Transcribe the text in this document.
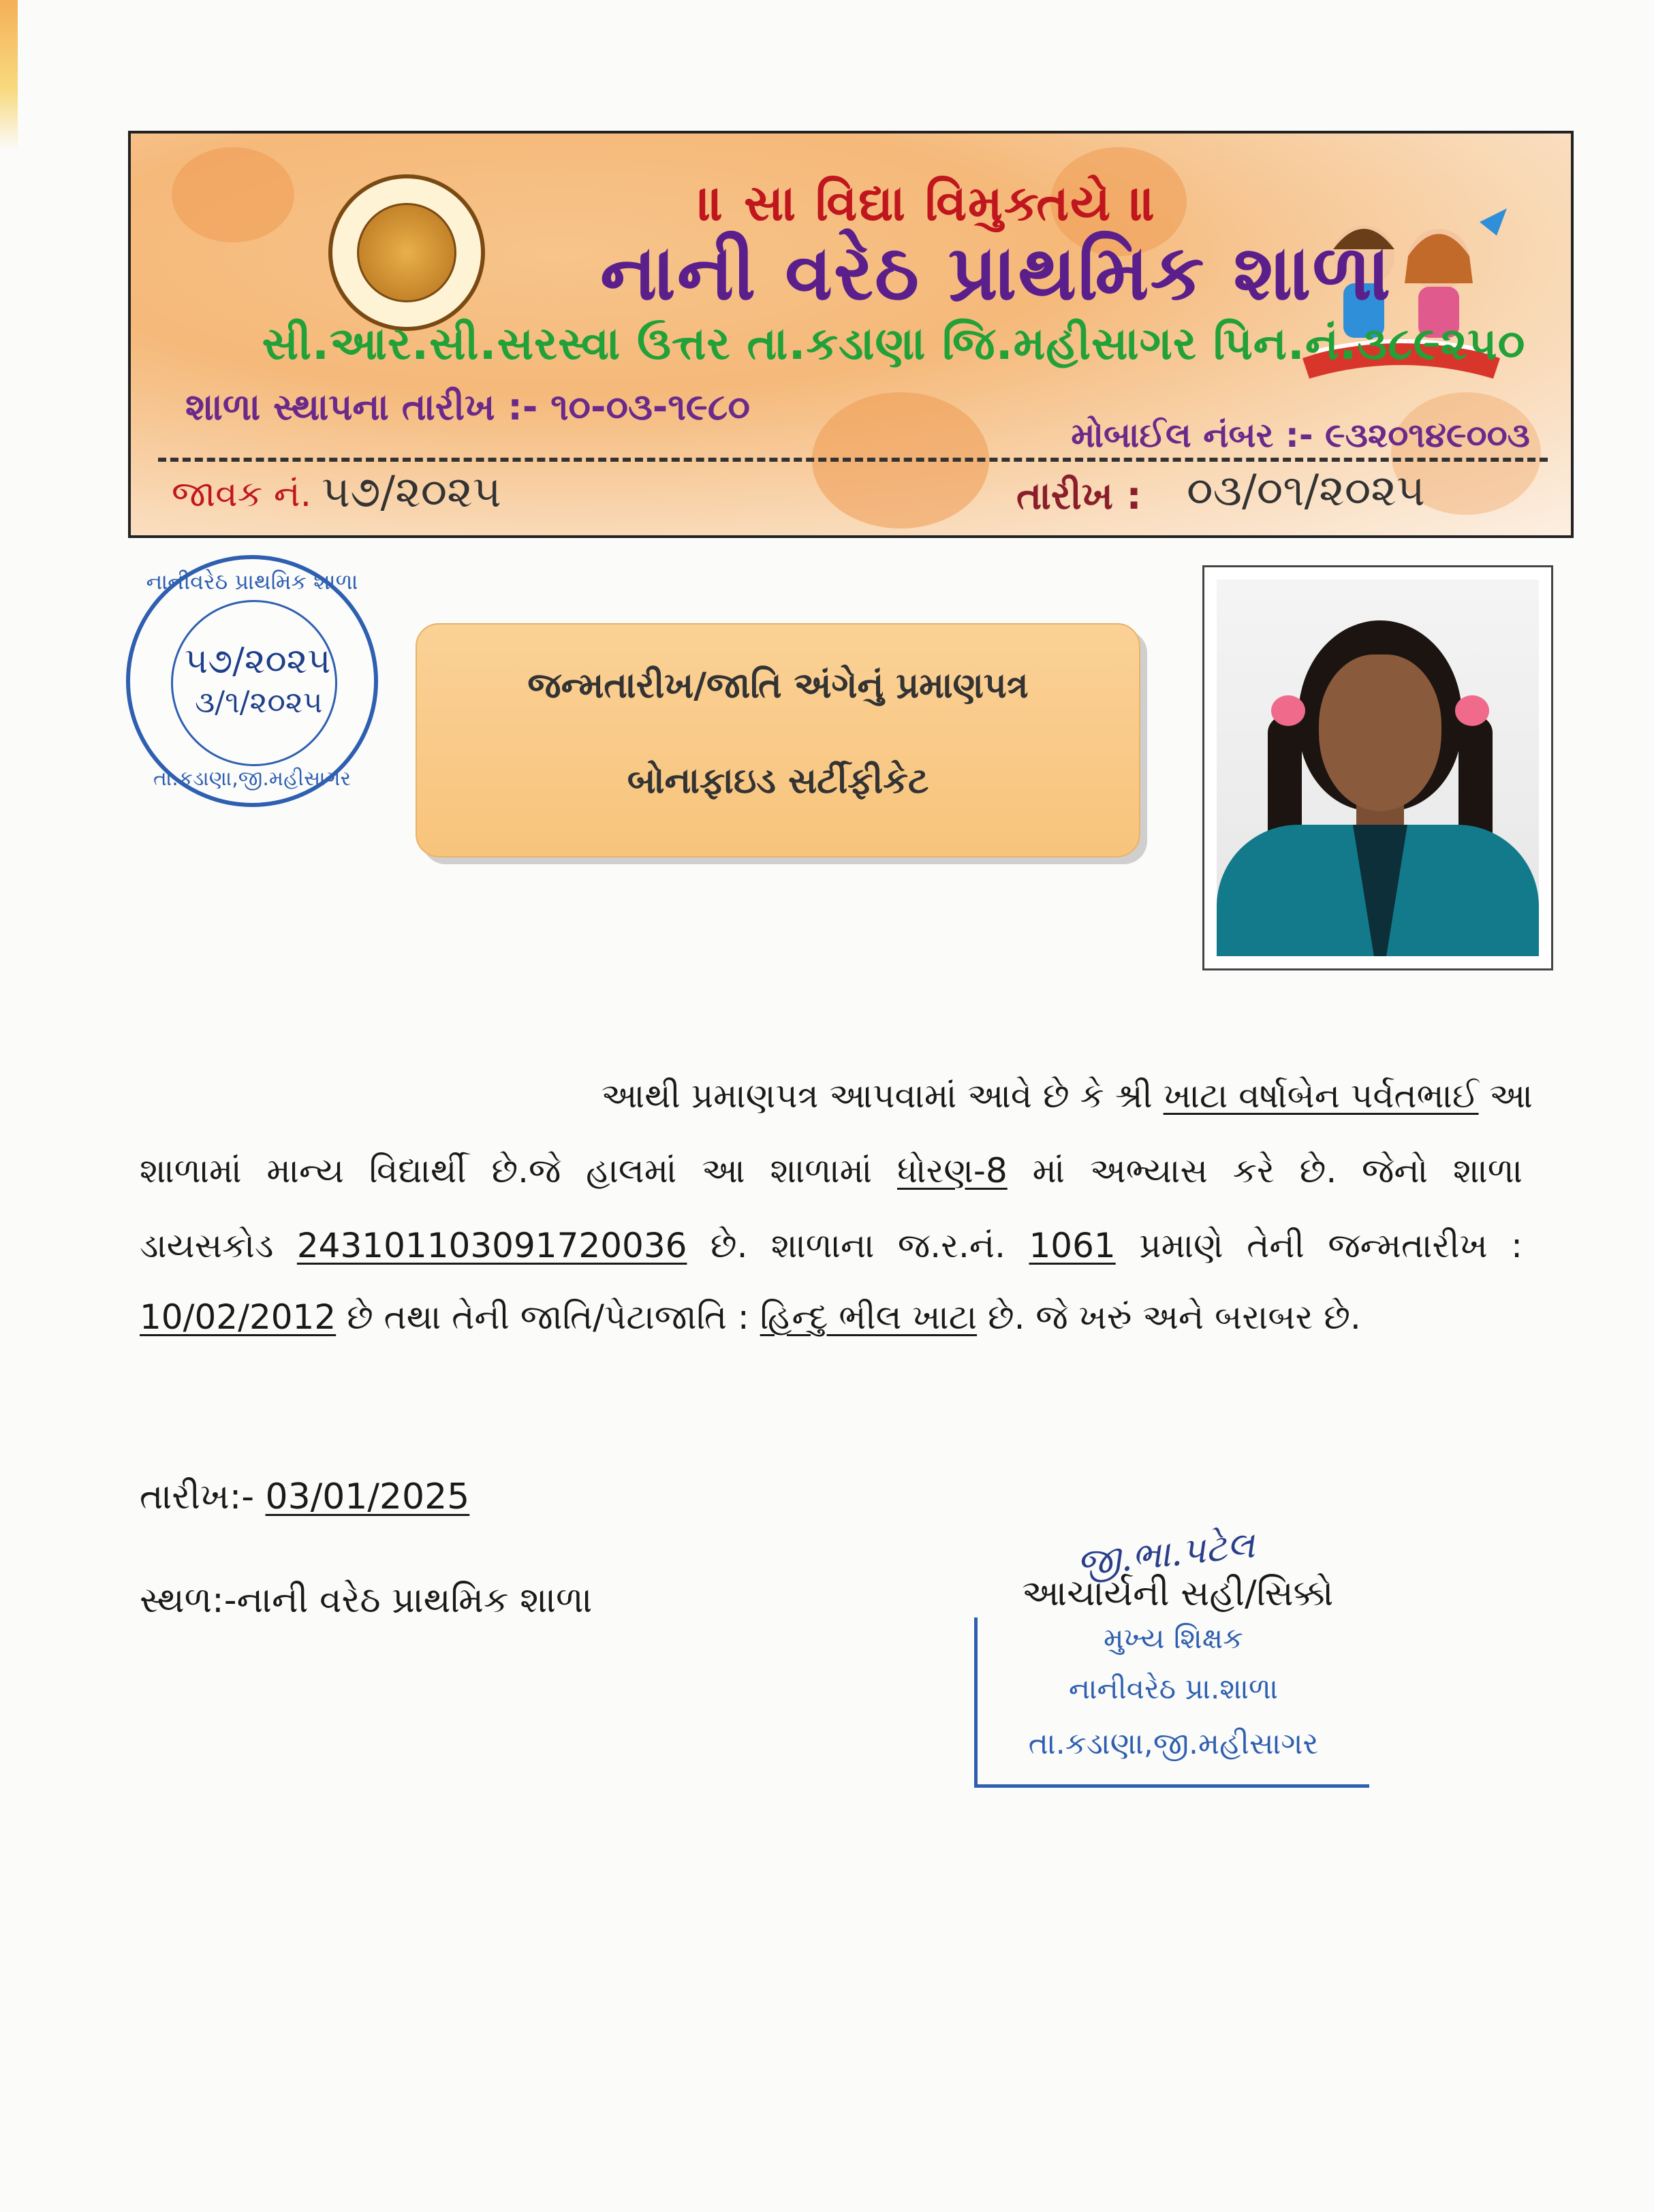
॥ સા વિદ્યા વિમુક્તયે ॥
નાની વરેઠ પ્રાથમિક શાળા
સી.આર.સી.સરસ્વા ઉત્તર તા.કડાણા જિ.મહીસાગર પિન.નં.૩૮૯૨૫૦
શાળા સ્થાપના તારીખ :- ૧૦-૦૩-૧૯૮૦
મોબાઈલ નંબર :- ૯૩૨૦૧૪૯૦૦૩
જાવક નં. ૫૭/૨૦૨૫	તારીખ : ૦૩/૦૧/૨૦૨૫
નાનીવરેઠ પ્રાથમિક શાળા
૫૭/૨૦૨૫
૩/૧/૨૦૨૫
તા.કડાણા,જી.મહીસાગર
જન્મતારીખ/જાતિ અંગેનું પ્રમાણપત્ર
બોનાફાઇડ સર્ટીફીકેટ
આથી પ્રમાણપત્ર આપવામાં આવે છે કે શ્રી ખાટા વર્ષાબેન પર્વતભાઈ આ
શાળામાં માન્ય વિદ્યાર્થી છે.જે હાલમાં આ શાળામાં ધોરણ-8 માં અભ્યાસ કરે છે. જેનો શાળા
ડાયસકોડ 243101103091720036 છે. શાળાના જ.ર.નં. 1061 પ્રમાણે તેની જન્મતારીખ :
10/02/2012 છે તથા તેની જાતિ/પેટાજાતિ : હિન્દુ ભીલ ખાટા છે. જે ખરું અને બરાબર છે.
તારીખ:- 03/01/2025
સ્થળ:-નાની વરેઠ પ્રાથમિક શાળા
જી.ભા.પટેલ
આચાર્યની સહી/સિક્કો
મુખ્ય શિક્ષક
નાનીવરેઠ પ્રા.શાળા
તા.કડાણા,જી.મહીસાગર
